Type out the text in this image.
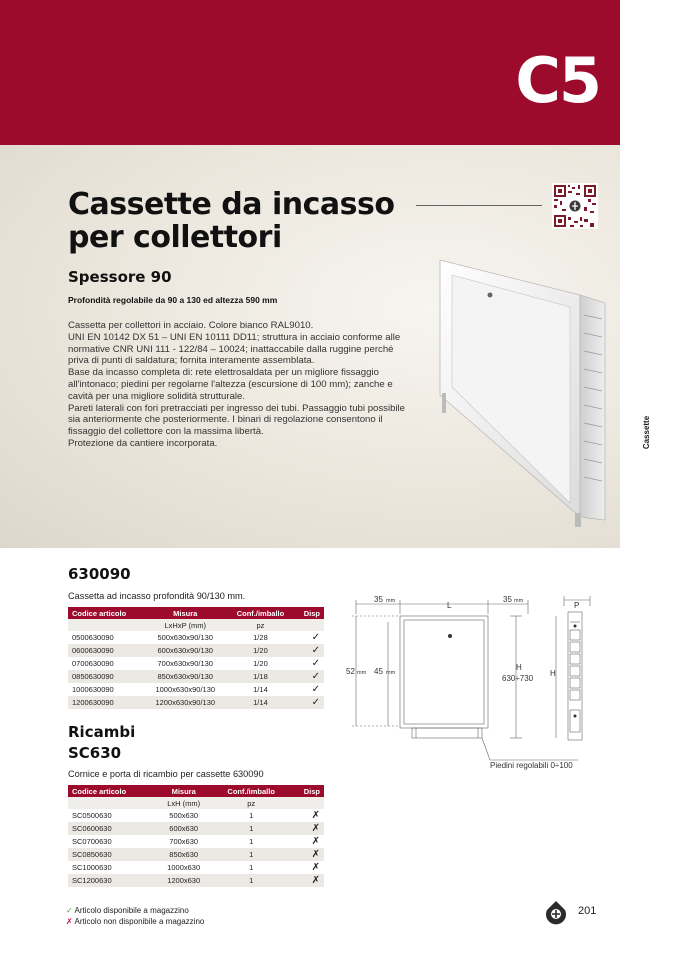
C5
Cassette da incasso
per collettori
Spessore 90
Profondità regolabile da 90 a 130 ed altezza 590 mm

Cassetta per collettori in acciaio. Colore bianco RAL9010.

UNI EN 10142 DX 51 – UNI EN 10111 DD11; struttura in acciaio conforme alle normative CNR UNI 111 - 122/84 – 10024; inattaccabile dalla ruggine perché priva di punti di saldatura; fornita interamente assemblata.

Base da incasso completa di: rete elettrosaldata per un migliore fissaggio all'intonaco; piedini per regolarne l'altezza (escursione di 100 mm); zanche e cavità per una migliore solidità strutturale.

Pareti laterali con fori pretracciati per ingresso dei tubi. Passaggio tubi possibile sia anteriormente che posteriormente. I binari di regolazione consentono il fissaggio del collettore con la massima libertà.

Protezione da cantiere incorporata.	Cassette
630090
Cassetta ad incasso profondità 90/130 mm.
Codice articolo	Misura	Conf./imballo	Disp
	LxHxP (mm)	pz	
0500630090	500x630x90/130	1/28	✓
0600630090	600x630x90/130	1/20	✓
0700630090	700x630x90/130	1/20	✓
0850630090	850x630x90/130	1/18	✓
1000630090	1000x630x90/130	1/14	✓
1200630090	1200x630x90/130	1/14	✓
Ricambi
SC630
Cornice e porta di ricambio per cassette 630090
Codice articolo	Misura	Conf./imballo	Disp
	LxH (mm)	pz	
SC0500630	500x630	1	✗
SC0600630	600x630	1	✗
SC0700630	700x630	1	✗
SC0850630	850x630	1	✗
SC1000630	1000x630	1	✗
SC1200630	1200x630	1	✗
35 mm	L
35 mm	P
52 mm 45 mm
H
630÷730
H
Piedini regolabili 0÷100
✓ Articolo disponibile a magazzino
✗ Articolo non disponibile a magazzino
201
